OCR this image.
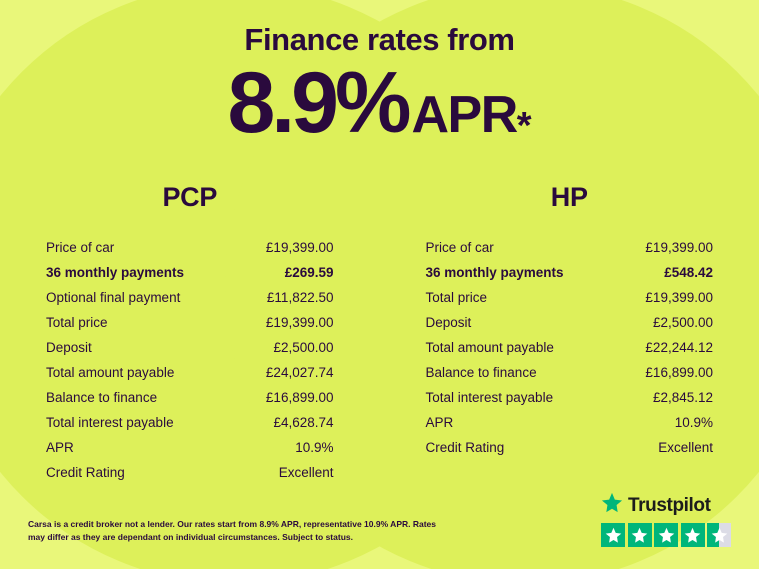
Finance rates from
8.9% APR *
PCP
Price of car	£19,399.00
36 monthly payments	£269.59
Optional final payment	£11,822.50
Total price	£19,399.00
Deposit	£2,500.00
Total amount payable	£24,027.74
Balance to finance	£16,899.00
Total interest payable	£4,628.74
APR	10.9%
Credit Rating	Excellent
HP
Price of car	£19,399.00
36 monthly payments	£548.42
Total price	£19,399.00
Deposit	£2,500.00
Total amount payable	£22,244.12
Balance to finance	£16,899.00
Total interest payable	£2,845.12
APR	10.9%
Credit Rating	Excellent
Carsa is a credit broker not a lender. Our rates start from 8.9% APR, representative 10.9% APR. Rates may differ as they are dependant on individual circumstances. Subject to status.
Trustpilot
